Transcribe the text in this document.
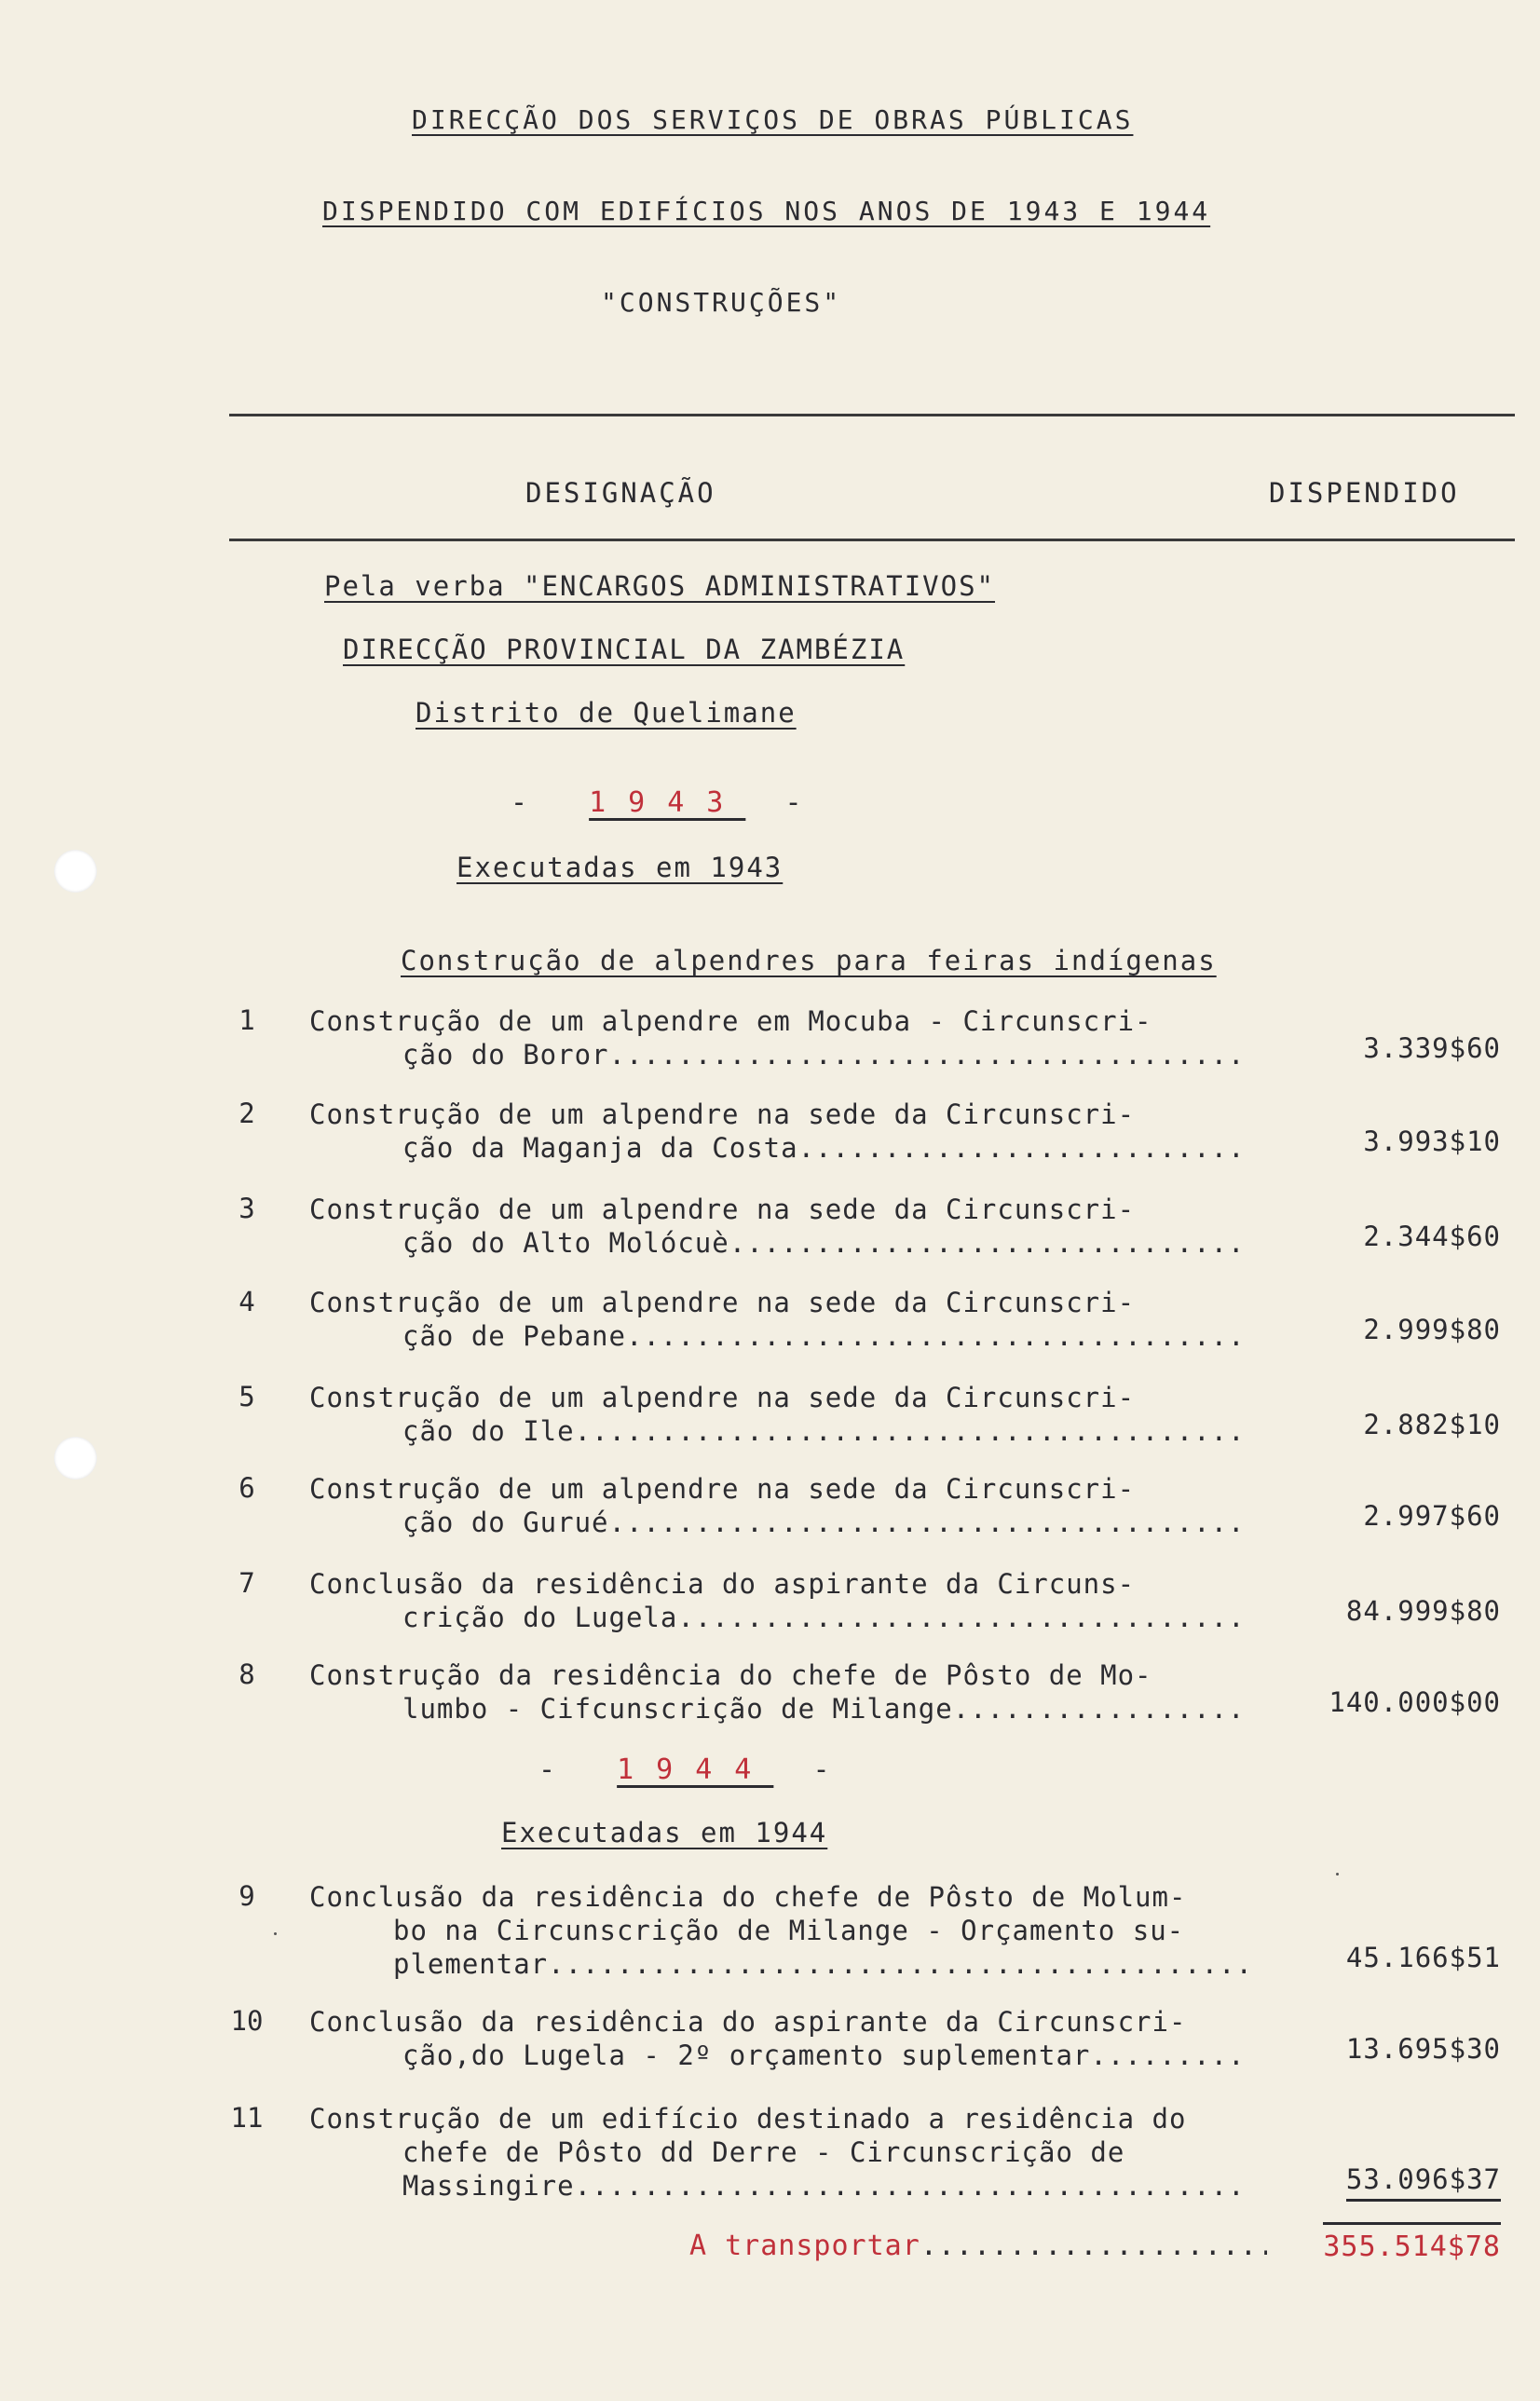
DIRECÇÃO DOS SERVIÇOS DE OBRAS PÚBLICAS
DISPENDIDO COM EDIFÍCIOS NOS ANOS DE 1943 E 1944
"CONSTRUÇÕES"
DESIGNAÇÃO	DISPENDIDO
Pela verba "ENCARGOS ADMINISTRATIVOS"
DIRECÇÃO PROVINCIAL DA ZAMBÉZIA
Distrito de Quelimane
- 1943 -
Executadas em 1943
Construção de alpendres para feiras indígenas
1	Construção de um alpendre em Mocuba - Circunscri-
ção do Boror .....	3.339$60
2	Construção de um alpendre na sede da Circunscri-
ção da Maganja da Costa .....	3.993$10
3	Construção de um alpendre na sede da Circunscri-
ção do Alto Molócuè .....	2.344$60
4	Construção de um alpendre na sede da Circunscri-
ção de Pebane .....	2.999$80
5	Construção de um alpendre na sede da Circunscri-
ção do Ile .....	2.882$10
6	Construção de um alpendre na sede da Circunscri-
ção do Gurué .....	2.997$60
7	Conclusão da residência do aspirante da Circuns-
crição do Lugela .....	84.999$80
8	Construção da residência do chefe de Pôsto de Mo-
lumbo - Cifcunscrição de Milange .....	140.000$00
- 1944 -
Executadas em 1944
9	Conclusão da residência do chefe de Pôsto de Molum-
bo na Circunscrição de Milange - Orçamento su-
plementar .....	45.166$51
10 Conclusão da residência do aspirante da Circunscri-
ção,do Lugela - 2º orçamento suplementar .....	13.695$30
11 Construção de um edifício destinado a residência do
chefe de Pôsto dd Derre - Circunscrição de
Massingire .....	53.096$37
A transportar .....	355.514$78
